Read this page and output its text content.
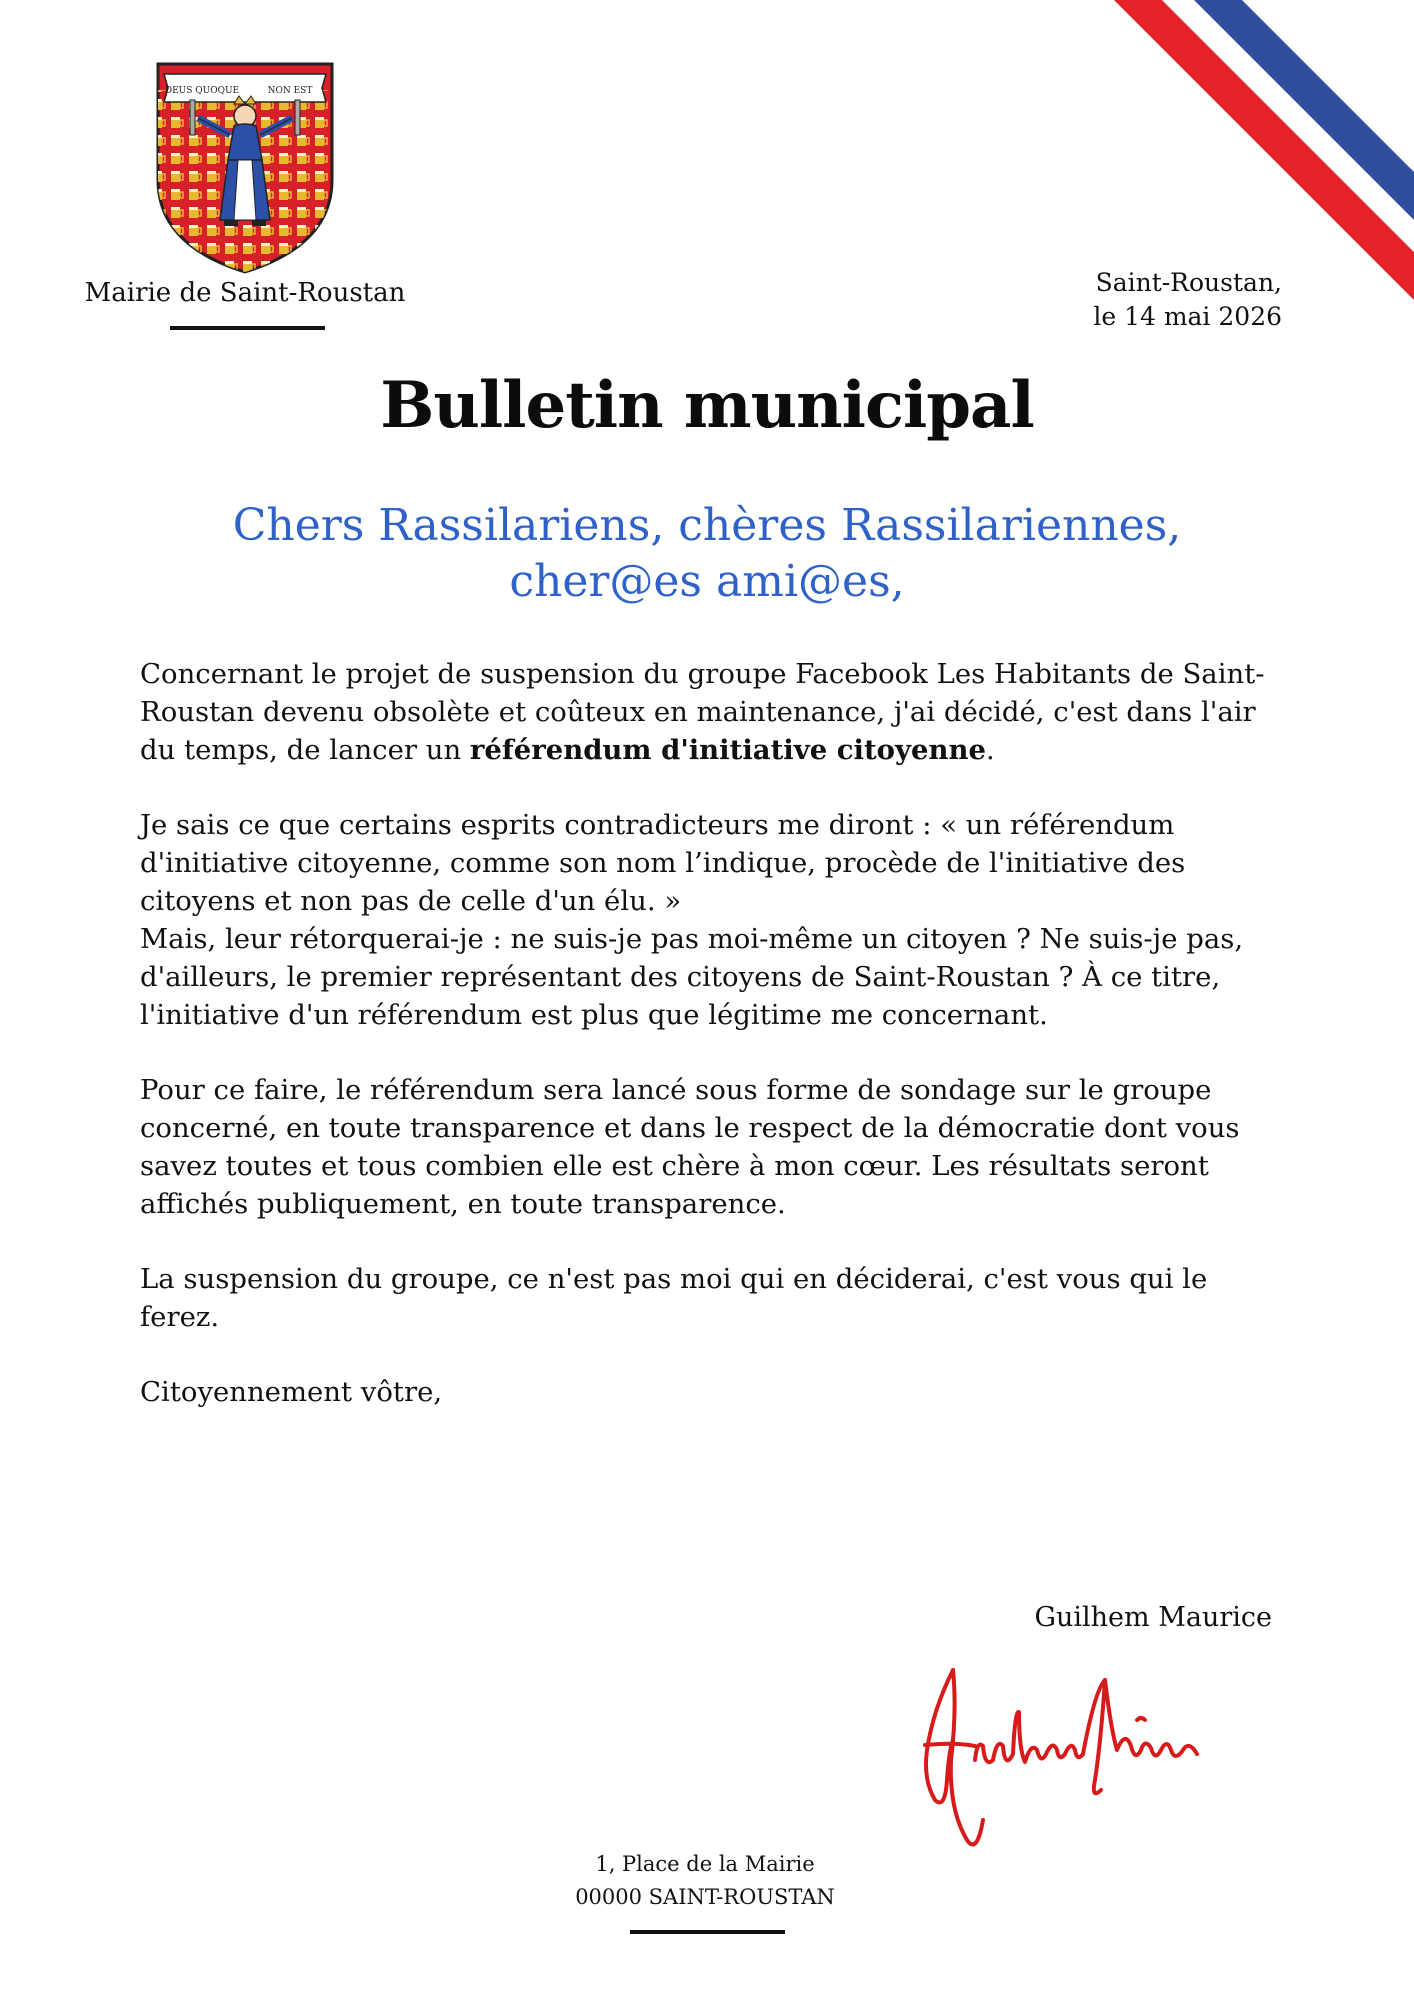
DEUS QUOQUE	NON EST
Mairie de Saint-Roustan	Saint-Roustan,
le 14 mai 2026
Bulletin municipal
Chers Rassilariens, chères Rassilariennes,
cher@es ami@es,

Concernant le projet de suspension du groupe Facebook Les Habitants de Saint-Roustan devenu obsolète et coûteux en maintenance, j'ai décidé, c'est dans l'air du temps, de lancer un référendum d'initiative citoyenne.

Je sais ce que certains esprits contradicteurs me diront : « un référendum d'initiative citoyenne, comme son nom l’indique, procède de l'initiative des citoyens et non pas de celle d'un élu. »

Mais, leur rétorquerai-je : ne suis-je pas moi-même un citoyen ? Ne suis-je pas, d'ailleurs, le premier représentant des citoyens de Saint-Roustan ? À ce titre, l'initiative d'un référendum est plus que légitime me concernant.

Pour ce faire, le référendum sera lancé sous forme de sondage sur le groupe concerné, en toute transparence et dans le respect de la démocratie dont vous savez toutes et tous combien elle est chère à mon cœur. Les résultats seront affichés publiquement, en toute transparence.

La suspension du groupe, ce n'est pas moi qui en déciderai, c'est vous qui le ferez.

Citoyennement vôtre,

Guilhem Maurice
1, Place de la Mairie
00000 SAINT-ROUSTAN
